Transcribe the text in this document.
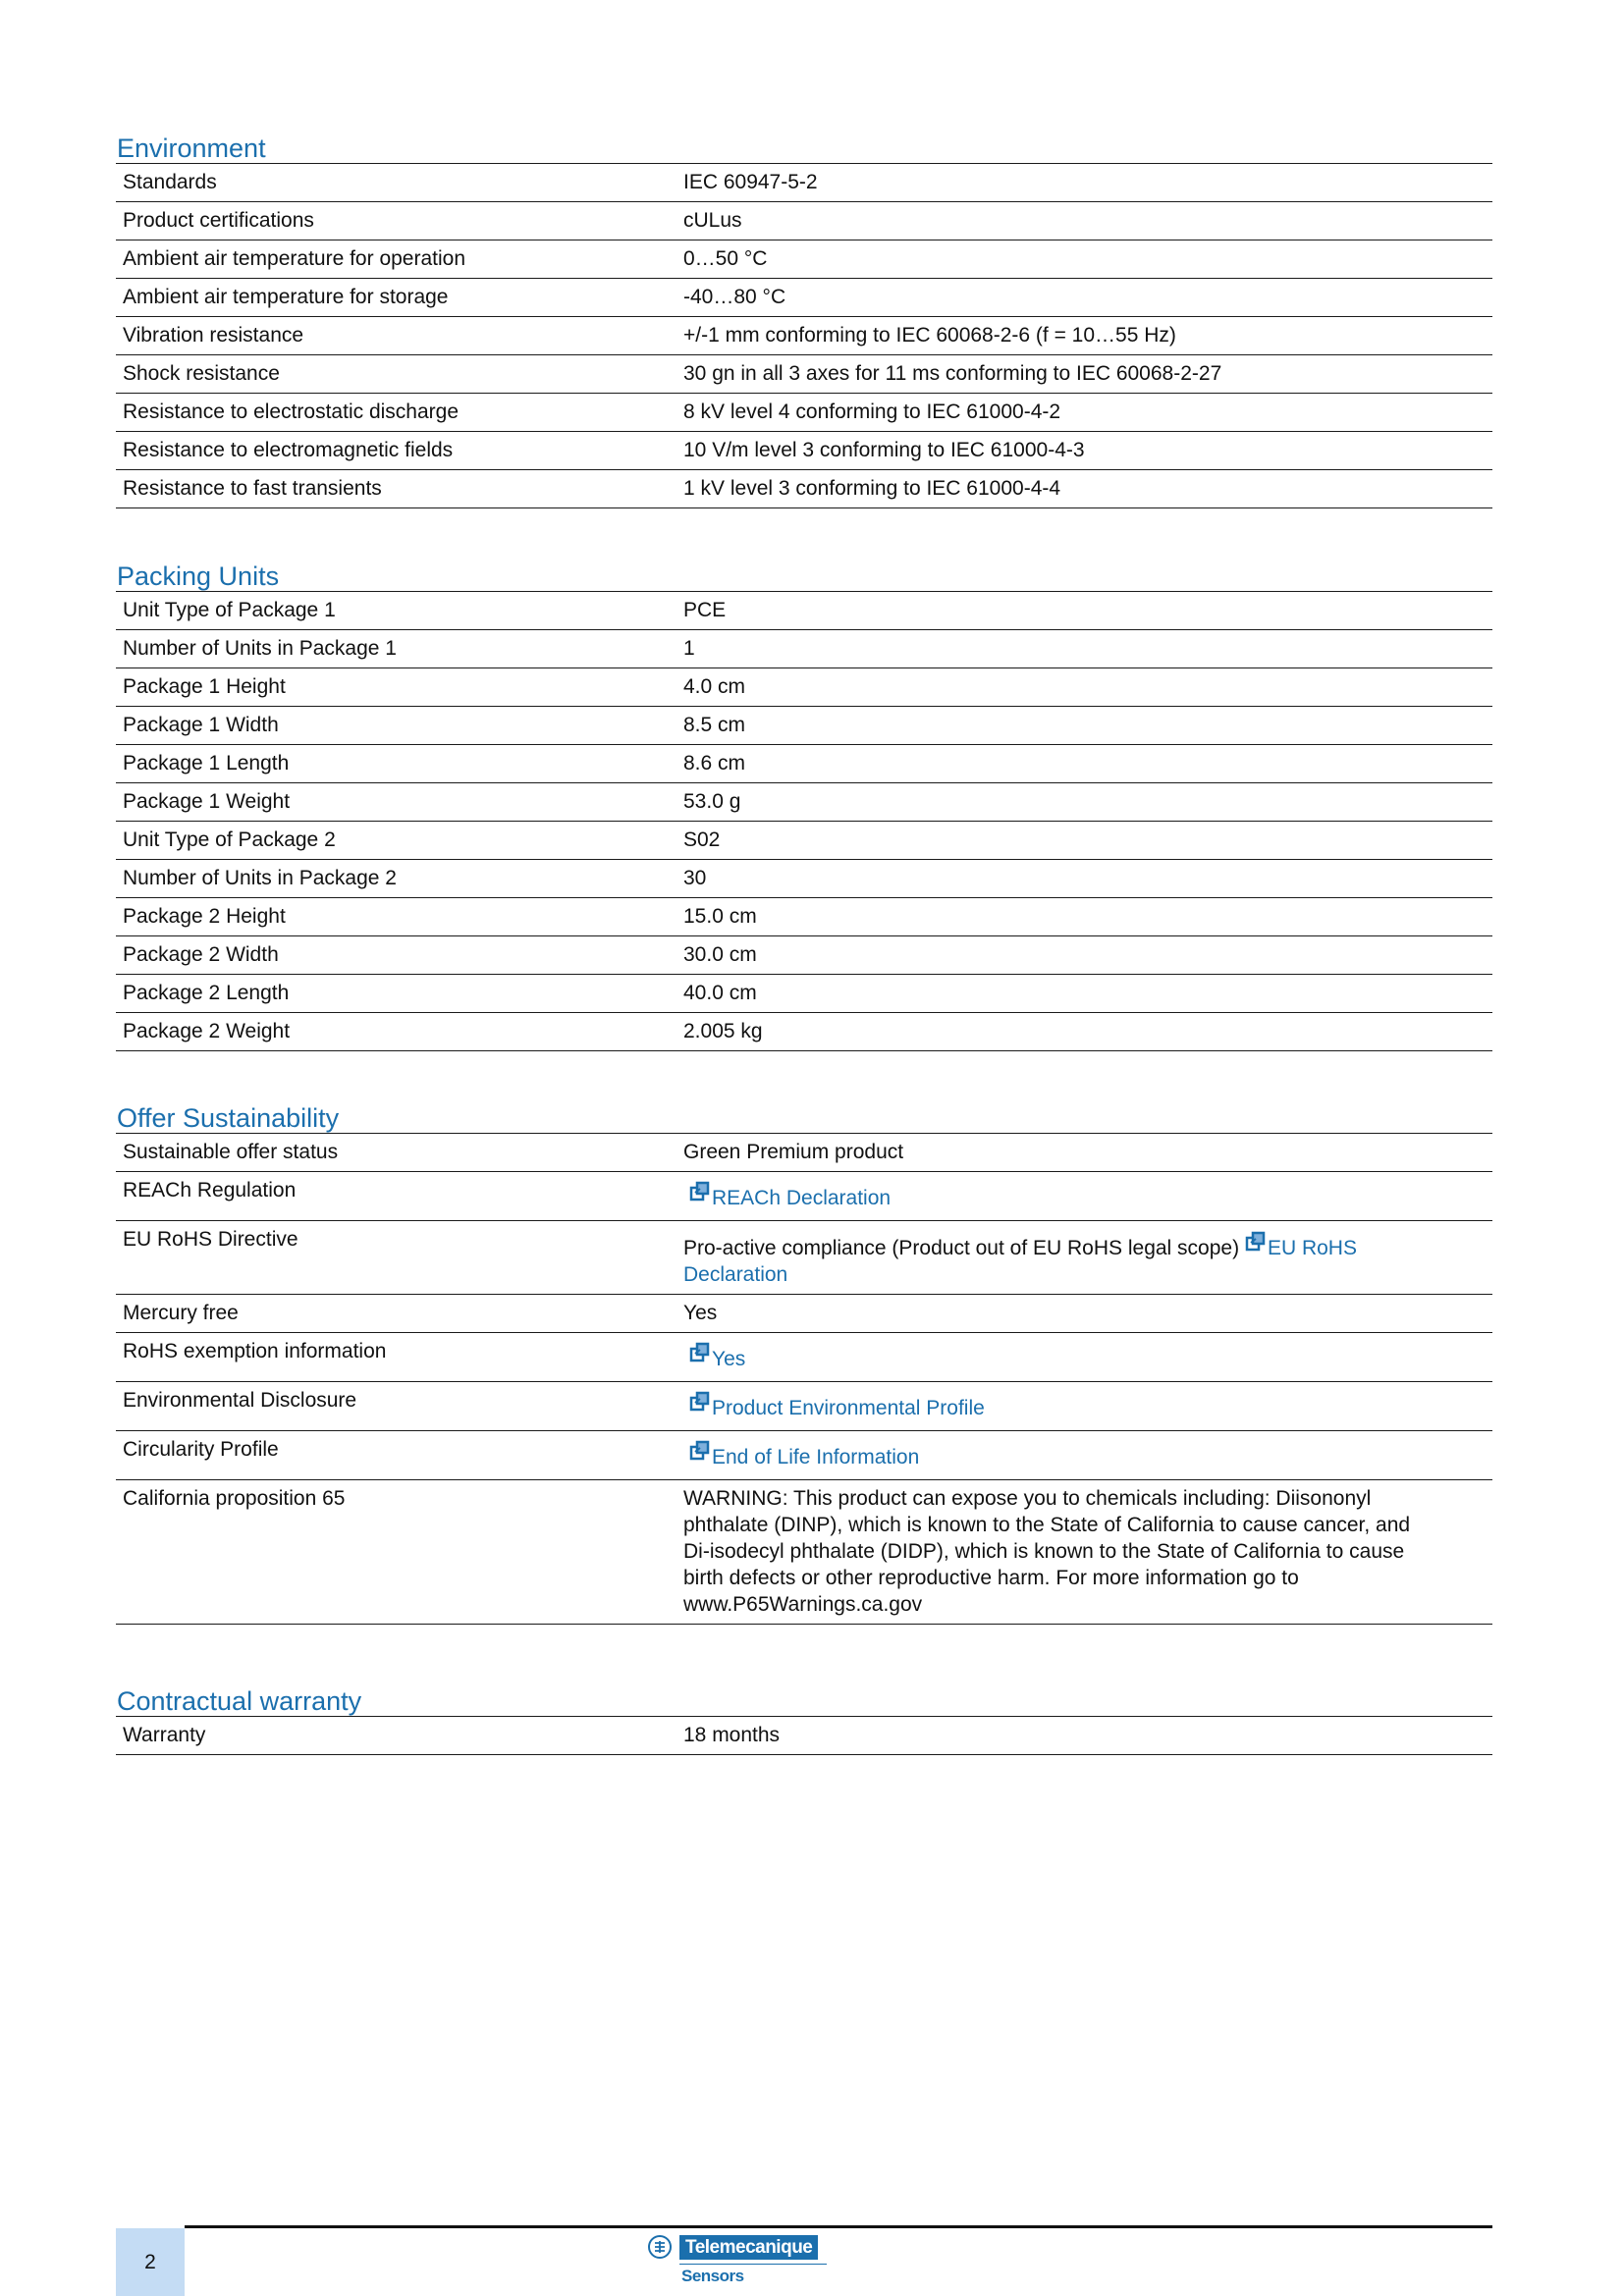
Environment
Standards	IEC 60947-5-2
Product certifications	cULus
Ambient air temperature for operation	0…50 °C
Ambient air temperature for storage	-40…80 °C
Vibration resistance	+/-1 mm conforming to IEC 60068-2-6 (f = 10…55 Hz)
Shock resistance	30 gn in all 3 axes for 11 ms conforming to IEC 60068-2-27
Resistance to electrostatic discharge	8 kV level 4 conforming to IEC 61000-4-2
Resistance to electromagnetic fields	10 V/m level 3 conforming to IEC 61000-4-3
Resistance to fast transients	1 kV level 3 conforming to IEC 61000-4-4
Packing Units
Unit Type of Package 1	PCE
Number of Units in Package 1	1
Package 1 Height	4.0 cm
Package 1 Width	8.5 cm
Package 1 Length	8.6 cm
Package 1 Weight	53.0 g
Unit Type of Package 2	S02
Number of Units in Package 2	30
Package 2 Height	15.0 cm
Package 2 Width	30.0 cm
Package 2 Length	40.0 cm
Package 2 Weight	2.005 kg
Offer Sustainability
Sustainable offer status	Green Premium product
REACh Regulation	REACh Declaration
EU RoHS Directive	Pro-active compliance (Product out of EU RoHS legal scope) EU RoHS Declaration
Mercury free	Yes
RoHS exemption information	Yes
Environmental Disclosure	Product Environmental Profile
Circularity Profile	End of Life Information
California proposition 65	WARNING: This product can expose you to chemicals including: Diisononyl phthalate (DINP), which is known to the State of California to cause cancer, and Di-isodecyl phthalate (DIDP), which is known to the State of California to cause birth defects or other reproductive harm. For more information go to www.P65Warnings.ca.gov
Contractual warranty
Warranty	18 months
2
Telemecanique
Sensors
